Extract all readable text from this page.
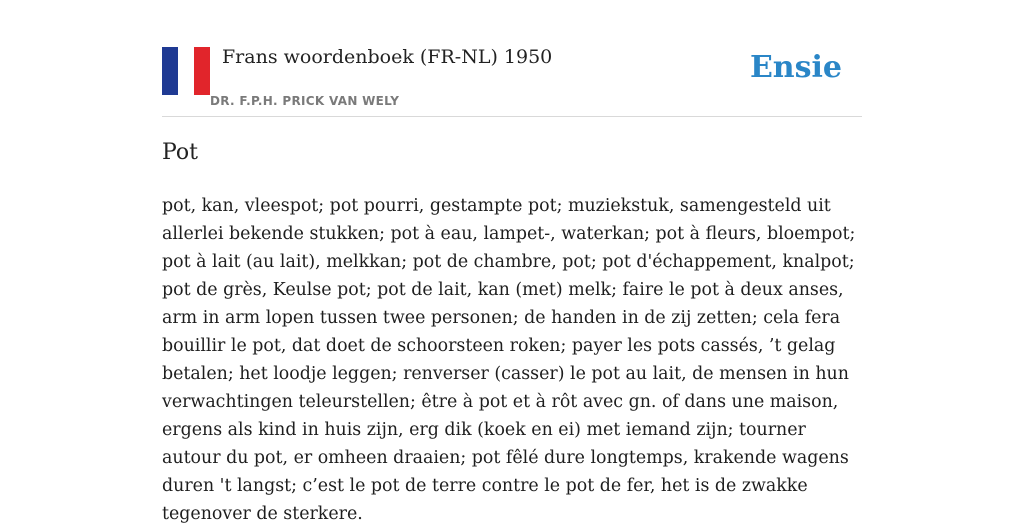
Frans woordenboek (FR-NL) 1950
DR. F.P.H. PRICK VAN WELY
Ensie
Pot

pot, kan, vleespot; pot pourri, gestampte pot; muziekstuk, samengesteld uit allerlei bekende stukken; pot à eau, lampet-, waterkan; pot à fleurs, bloempot; pot à lait (au lait), melkkan; pot de chambre, pot; pot d'échappement, knalpot; pot de grès, Keulse pot; pot de lait, kan (met) melk; faire le pot à deux anses, arm in arm lopen tussen twee personen; de handen in de zij zetten; cela fera bouillir le pot, dat doet de schoorsteen roken; payer les pots cassés, ’t gelag betalen; het loodje leggen; renverser (casser) le pot au lait, de mensen in hun verwachtingen teleurstellen; être à pot et à rôt avec gn. of dans une maison, ergens als kind in huis zijn, erg dik (koek en ei) met iemand zijn; tourner autour du pot, er omheen draaien; pot fêlé dure longtemps, krakende wagens duren 't langst; c’est le pot de terre contre le pot de fer, het is de zwakke tegenover de sterkere.
